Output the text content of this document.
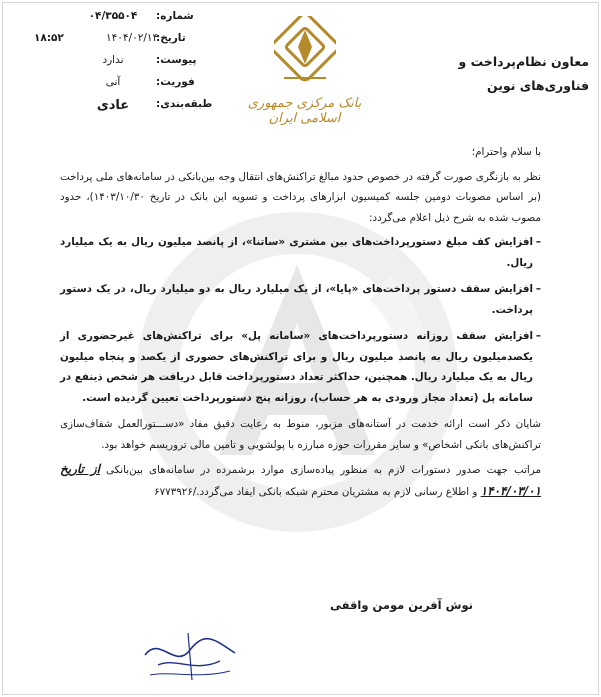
شماره:
۰۴/۳۵۵۰۴
تاریخ:
۱۴۰۴/۰۲/۱۴
۱۸:۵۲
پیوست:
ندارد
فوریت:
آنی
طبقه‌بندی:
عادی	بانک مرکزی جمهوری اسلامی ایران
معاون نظام‌پرداخت و
فناوری‌های نوین

با سلام واحترام؛

نظر به بازنگری صورت گرفته در خصوص حدود مبالغ تراکنش‌های انتقال وجه بین‌بانکی در سامانه‌های ملی پرداخت (بر اساس مصوبات دومین جلسه کمیسیون ابزارهای پرداخت و تسویه این بانک در تاریخ ۱۴۰۳/۱۰/۳۰)، حدود مصوب شده به شرح ذیل اعلام می‌گردد:

– افزایش کف مبلغ دستورپرداخت‌های بین مشتری «ساتنا»، از پانصد میلیون ریال به یک میلیارد ریال.

– افزایش سقف دستور پرداخت‌های «پایا»، از یک میلیارد ریال به دو میلیارد ریال، در یک دستور پرداخت.

– افزایش سقف روزانه دستورپرداخت‌های «سامانه پل» برای تراکنش‌های غیرحضوری از یکصدمیلیون ریال به پانصد میلیون ریال و برای تراکنش‌های حضوری از یکصد و پنجاه میلیون ریال به یک میلیارد ریال. همچنین، حداکثر تعداد دستورپرداخت قابل دریافت هر شخص ذینفع در سامانه پل (تعداد مجاز ورودی به هر حساب)، روزانه پنج دستورپرداخت تعیین گردیده است.

شایان ذکر است ارائه خدمت در آستانه‌های مزبور، منوط به رعایت دقیق مفاد «دســـتورالعمل شفاف‌سازی تراکنش‌های بانکی اشخاص» و سایر مقررات حوزه مبارزه با پولشویی و تامین مالی تروریسم خواهد بود.

مراتب جهت صدور دستورات لازم به منظور پیاده‌سازی موارد برشمرده در سامانه‌های بین‌بانکی از تاریخ ۱۴۰۴/۰۳/۰۱ و اطلاع رسانی لازم به مشتریان محترم شبکه بانکی ایفاد می‌گردد./۶۷۷۳۹۲۶

نوش آفرین مومن واقفی
